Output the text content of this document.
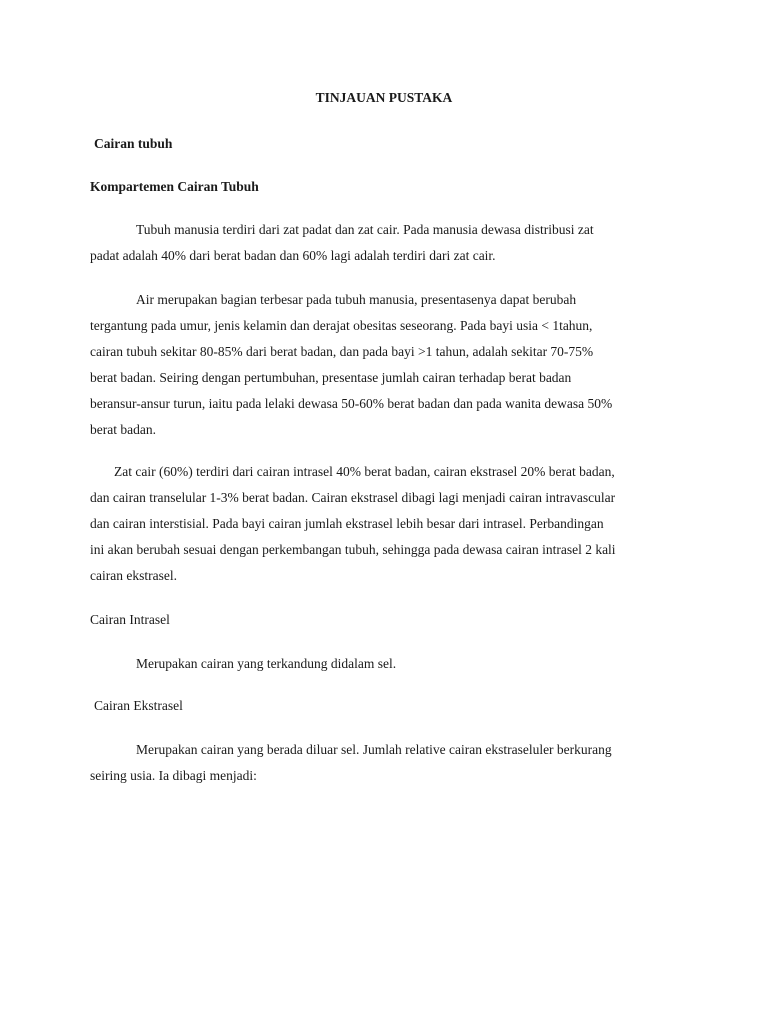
TINJAUAN PUSTAKA
Cairan tubuh
Kompartemen Cairan Tubuh

Tubuh manusia terdiri dari zat padat dan zat cair. Pada manusia dewasa distribusi zat
padat adalah 40% dari berat badan dan 60% lagi adalah terdiri dari zat cair.

Air merupakan bagian terbesar pada tubuh manusia, presentasenya dapat berubah
tergantung pada umur, jenis kelamin dan derajat obesitas seseorang. Pada bayi usia < 1tahun,
cairan tubuh sekitar 80-85% dari berat badan, dan pada bayi >1 tahun, adalah sekitar 70-75%
berat badan. Seiring dengan pertumbuhan, presentase jumlah cairan terhadap berat badan
beransur-ansur turun, iaitu pada lelaki dewasa 50-60% berat badan dan pada wanita dewasa 50%
berat badan.

Zat cair (60%) terdiri dari cairan intrasel 40% berat badan, cairan ekstrasel 20% berat badan,
dan cairan transelular 1-3% berat badan. Cairan ekstrasel dibagi lagi menjadi cairan intravascular
dan cairan interstisial. Pada bayi cairan jumlah ekstrasel lebih besar dari intrasel. Perbandingan
ini akan berubah sesuai dengan perkembangan tubuh, sehingga pada dewasa cairan intrasel 2 kali
cairan ekstrasel.

Cairan Intrasel

Merupakan cairan yang terkandung didalam sel.

Cairan Ekstrasel

Merupakan cairan yang berada diluar sel. Jumlah relative cairan ekstraseluler berkurang
seiring usia. Ia dibagi menjadi:
